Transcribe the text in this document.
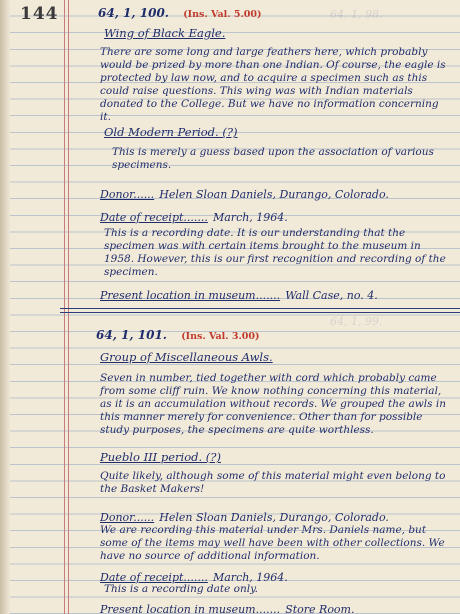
64, 1, 98.
64, 1, 99.
144	64, 1, 100. (Ins. Val. 5.00)
Wing of Black Eagle.
There are some long and large feathers here, which probably would be prized by more than one Indian. Of course, the eagle is protected by law now, and to acquire a specimen such as this could raise questions. This wing was with Indian materials donated to the College. But we have no information concerning it.
Old Modern Period. (?)
This is merely a guess based upon the association of various specimens.
Donor...... Helen Sloan Daniels, Durango, Colorado.
Date of receipt....... March, 1964.
This is a recording date. It is our understanding that the specimen was with certain items brought to the museum in 1958. However, this is our first recognition and recording of the specimen.
Present location in museum....... Wall Case, no. 4.
64, 1, 101. (Ins. Val. 3.00)
Group of Miscellaneous Awls.
Seven in number, tied together with cord which probably came from some cliff ruin. We know nothing concerning this material, as it is an accumulation without records. We grouped the awls in this manner merely for convenience. Other than for possible study purposes, the specimens are quite worthless.
Pueblo III period. (?)
Quite likely, although some of this material might even belong to the Basket Makers!
Donor...... Helen Sloan Daniels, Durango, Colorado.
We are recording this material under Mrs. Daniels name, but some of the items may well have been with other collections. We have no source of additional information.
Date of receipt....... March, 1964.
This is a recording date only.
Present location in museum....... Store Room.
